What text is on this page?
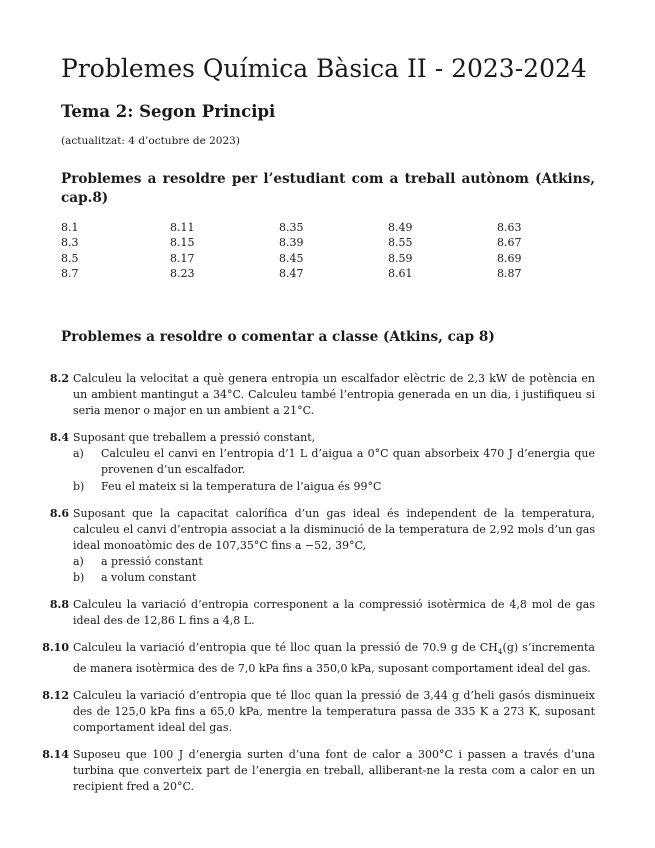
Problemes Química Bàsica II - 2023-2024
Tema 2: Segon Principi

(actualitzat: 4 d’octubre de 2023)

Problemes a resoldre per l’estudiant com a treball autònom (Atkins, cap.8)
8.1	8.11	8.35	8.49	8.63
8.3	8.15	8.39	8.55	8.67
8.5	8.17	8.45	8.59	8.69
8.7	8.23	8.47	8.61	8.87
Problemes a resoldre o comentar a classe (Atkins, cap 8)
8.2 Calculeu la velocitat a què genera entropia un escalfador elèctric de 2,3 kW de potència en un ambient mantingut a 34°C. Calculeu també l’entropia generada en un dia, i justifiqueu si seria menor o major en un ambient a 21°C.

8.4 Suposant que treballem a pressió constant,

a)	Calculeu el canvi en l’entropia d’1 L d’aigua a 0°C quan absorbeix 470 J d’energia que provenen d’un escalfador.
b)	Feu el mateix si la temperatura de l’aigua és 99°C
8.6 Suposant que la capacitat calorífica d’un gas ideal és independent de la temperatura, calculeu el canvi d’entropia associat a la disminució de la temperatura de 2,92 mols d’un gas ideal monoatòmic des de 107,35°C fins a −52, 39°C,

a)	a pressió constant
b)	a volum constant
8.8 Calculeu la variació d’entropia corresponent a la compressió isotèrmica de 4,8 mol de gas ideal des de 12,86 L fins a 4,8 L.

8.10 Calculeu la variació d’entropia que té lloc quan la pressió de 70.9 g de $CH_4(g)$ s’incrementa de manera isotèrmica des de 7,0 kPa fins a 350,0 kPa, suposant comportament ideal del gas.

8.12 Calculeu la variació d’entropia que té lloc quan la pressió de 3,44 g d’heli gasós disminueix des de 125,0 kPa fins a 65,0 kPa, mentre la temperatura passa de 335 K a 273 K, suposant comportament ideal del gas.

8.14 Suposeu que 100 J d’energia surten d’una font de calor a 300°C i passen a través d’una turbina que converteix part de l’energia en treball, alliberant-ne la resta com a calor en un recipient fred a 20°C.
